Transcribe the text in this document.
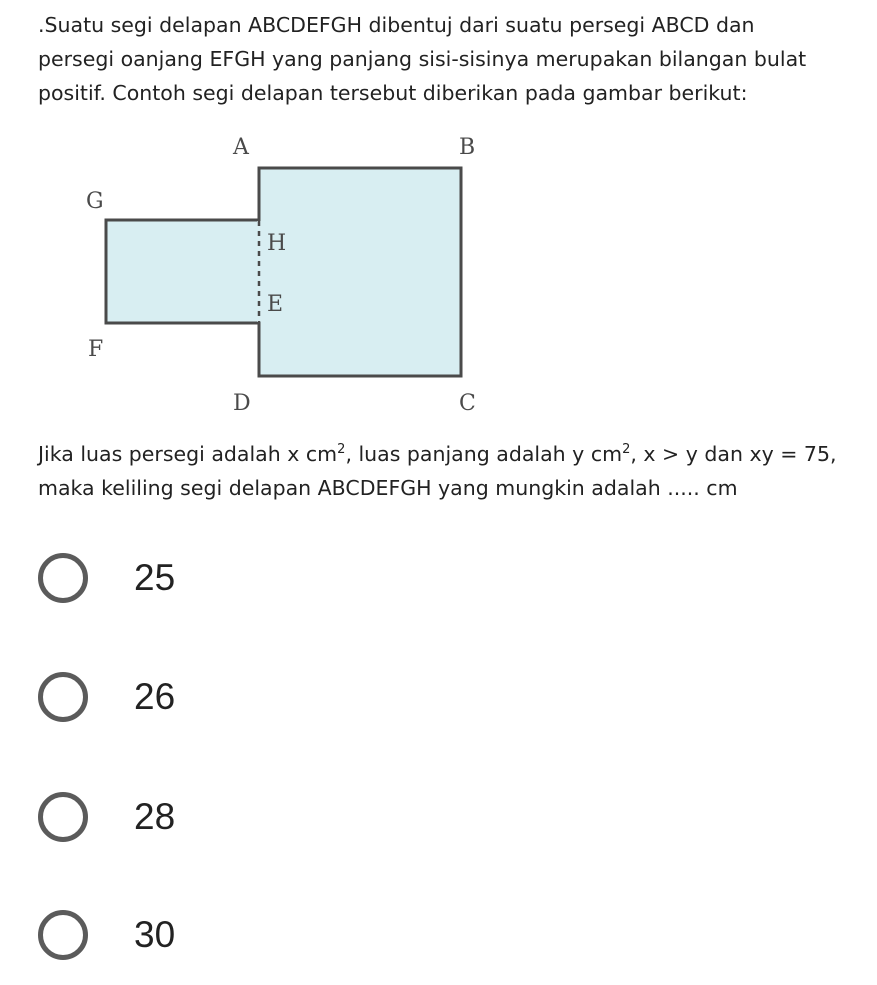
.Suatu segi delapan ABCDEFGH dibentuj dari suatu persegi ABCD dan

persegi oanjang EFGH yang panjang sisi-sisinya merupakan bilangan bulat

positif. Contoh segi delapan tersebut diberikan pada gambar berikut:

A	B
G
H
E
F
D	C

Jika luas persegi adalah x $cm^2$, luas panjang adalah y $cm^2$, x > y dan xy = 75,

maka keliling segi delapan ABCDEFGH yang mungkin adalah ..... cm

25
26
28
30
